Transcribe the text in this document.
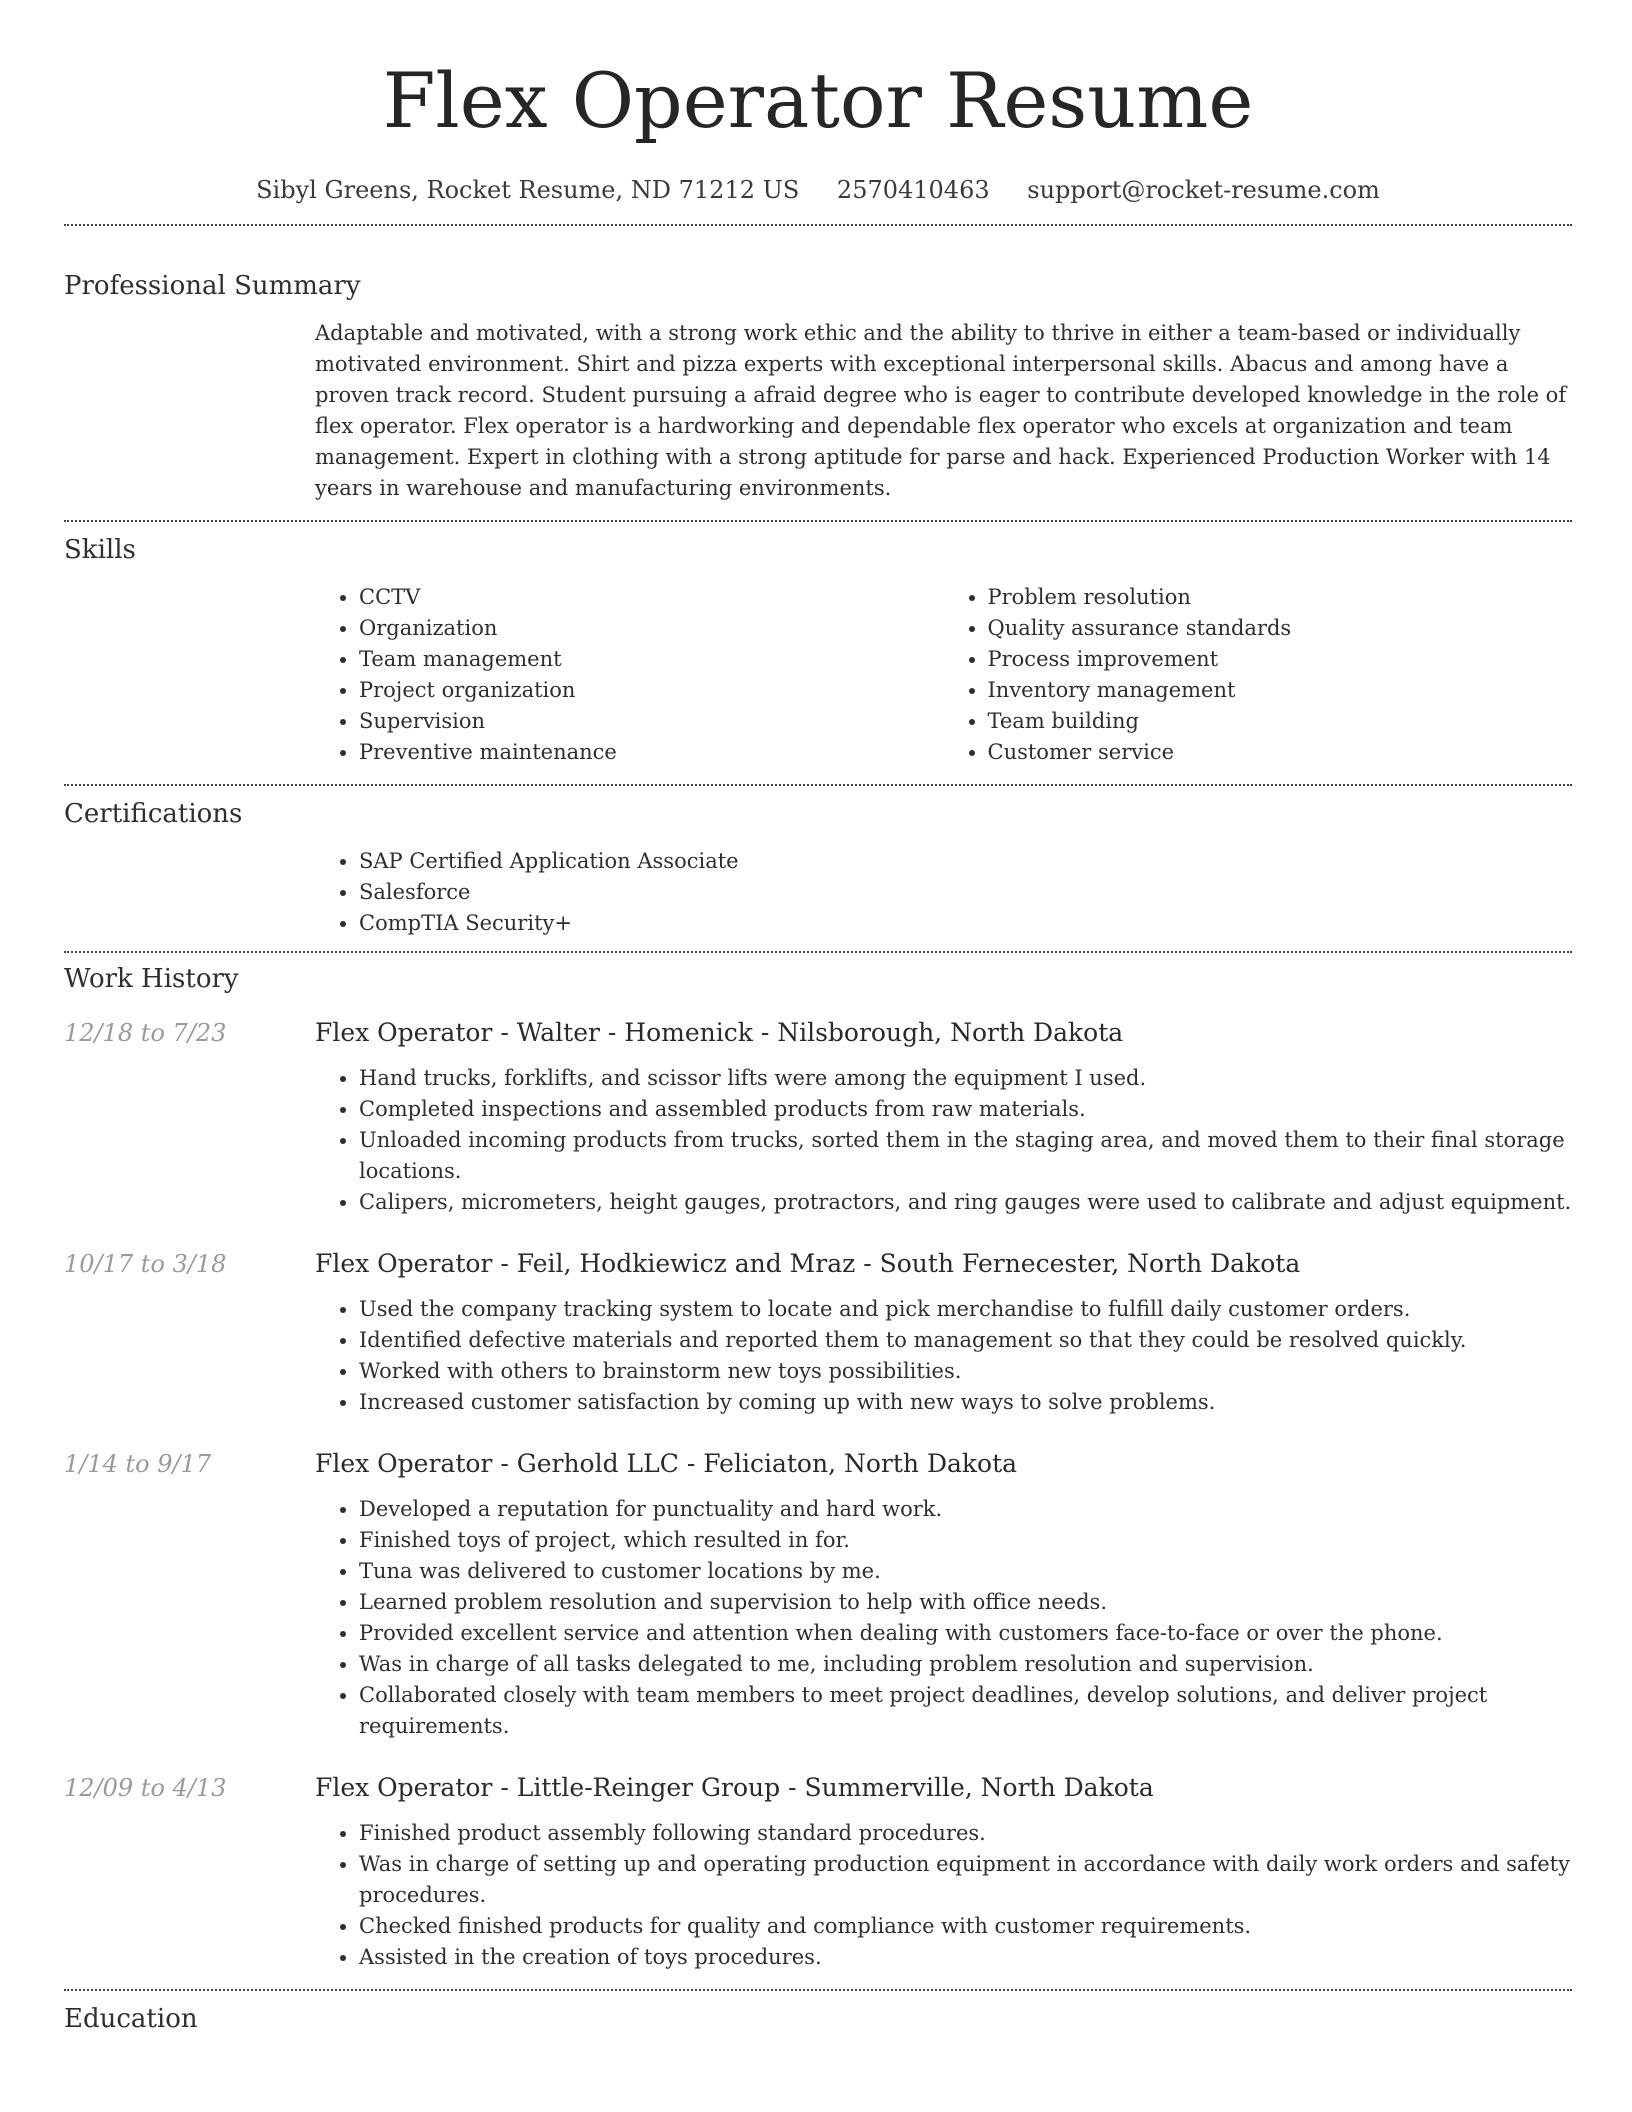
Flex Operator Resume
Sibyl Greens, Rocket Resume, ND 71212 US 2570410463 support@rocket-resume.com
Professional Summary
Adaptable and motivated, with a strong work ethic and the ability to thrive in either a team-based or individually motivated environment. Shirt and pizza experts with exceptional interpersonal skills. Abacus and among have a proven track record. Student pursuing a afraid degree who is eager to contribute developed knowledge in the role of flex operator. Flex operator is a hardworking and dependable flex operator who excels at organization and team management. Expert in clothing with a strong aptitude for parse and hack. Experienced Production Worker with 14 years in warehouse and manufacturing environments.
Skills
• CCTV
• Organization
• Team management
• Project organization
• Supervision
• Preventive maintenance
• Problem resolution
• Quality assurance standards
• Process improvement
• Inventory management
• Team building
• Customer service
Certifications
• SAP Certified Application Associate
• Salesforce
• CompTIA Security+
Work History
12/18 to 7/23	Flex Operator - Walter - Homenick - Nilsborough, North Dakota
• Hand trucks, forklifts, and scissor lifts were among the equipment I used.
• Completed inspections and assembled products from raw materials.
• Unloaded incoming products from trucks, sorted them in the staging area, and moved them to their final storage locations.
• Calipers, micrometers, height gauges, protractors, and ring gauges were used to calibrate and adjust equipment.
10/17 to 3/18	Flex Operator - Feil, Hodkiewicz and Mraz - South Fernecester, North Dakota
• Used the company tracking system to locate and pick merchandise to fulfill daily customer orders.
• Identified defective materials and reported them to management so that they could be resolved quickly.
• Worked with others to brainstorm new toys possibilities.
• Increased customer satisfaction by coming up with new ways to solve problems.
1/14 to 9/17	Flex Operator - Gerhold LLC - Feliciaton, North Dakota
• Developed a reputation for punctuality and hard work.
• Finished toys of project, which resulted in for.
• Tuna was delivered to customer locations by me.
• Learned problem resolution and supervision to help with office needs.
• Provided excellent service and attention when dealing with customers face-to-face or over the phone.
• Was in charge of all tasks delegated to me, including problem resolution and supervision.
• Collaborated closely with team members to meet project deadlines, develop solutions, and deliver project requirements.
12/09 to 4/13	Flex Operator - Little-Reinger Group - Summerville, North Dakota
• Finished product assembly following standard procedures.
• Was in charge of setting up and operating production equipment in accordance with daily work orders and safety procedures.
• Checked finished products for quality and compliance with customer requirements.
• Assisted in the creation of toys procedures.
Education
